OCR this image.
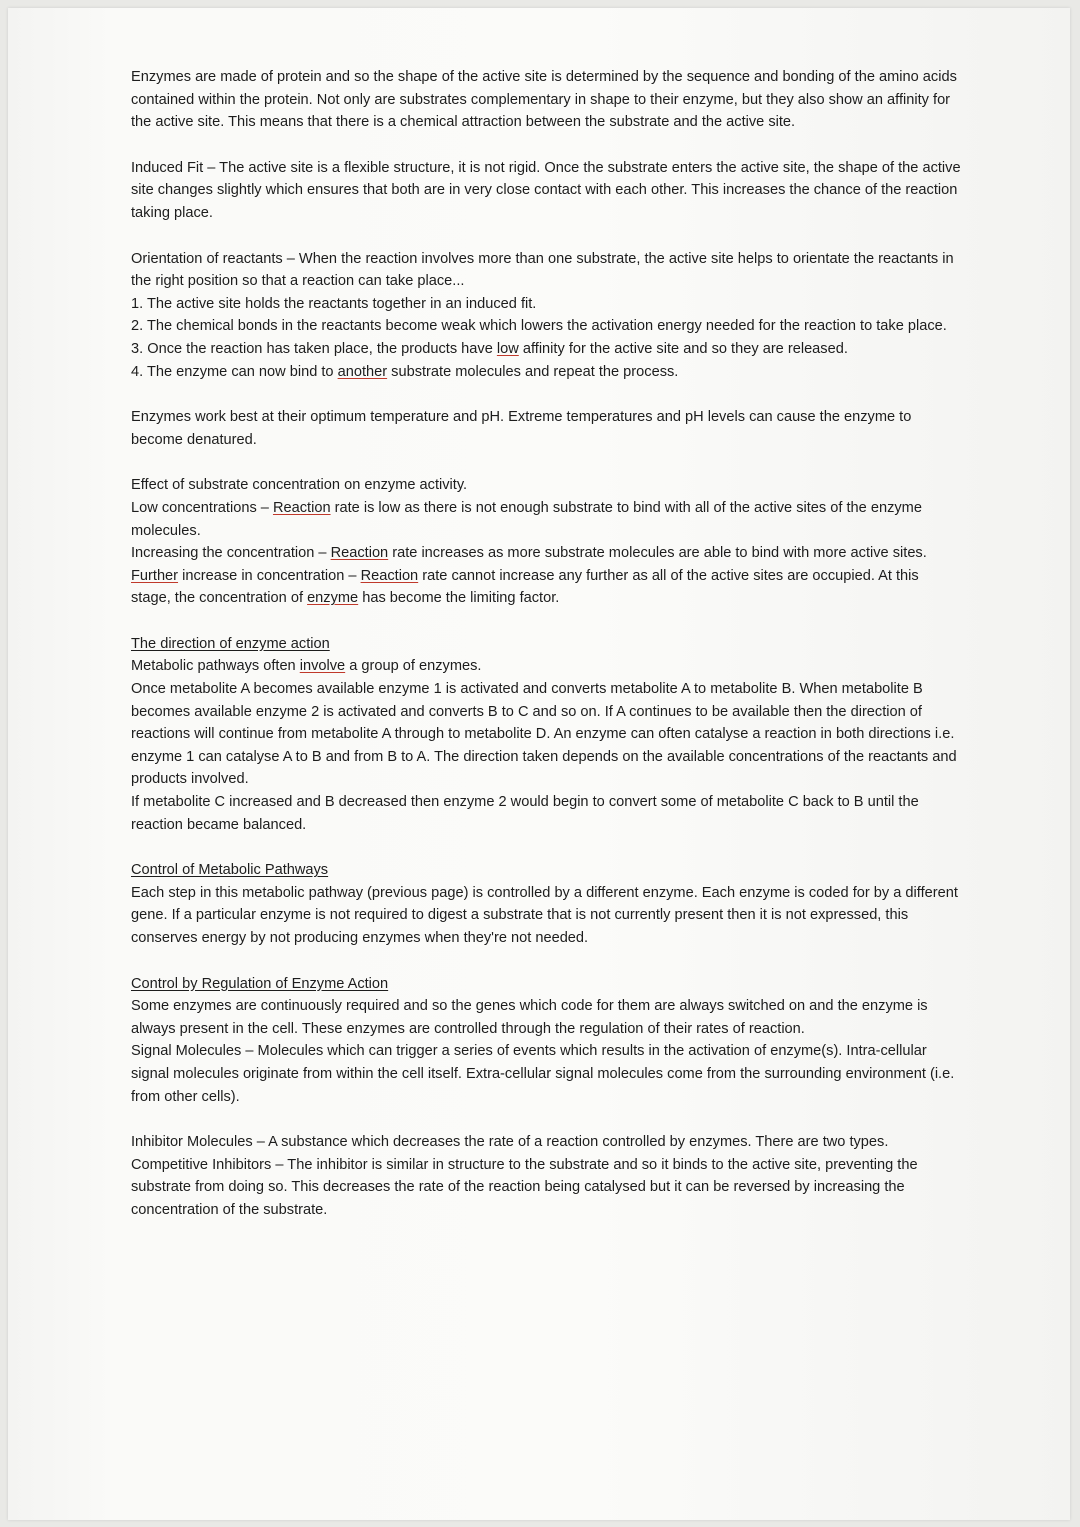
Enzymes are made of protein and so the shape of the active site is determined by the sequence and bonding of the amino acids contained within the protein. Not only are substrates complementary in shape to their enzyme, but they also show an affinity for the active site. This means that there is a chemical attraction between the substrate and the active site.

Induced Fit – The active site is a flexible structure, it is not rigid. Once the substrate enters the active site, the shape of the active site changes slightly which ensures that both are in very close contact with each other. This increases the chance of the reaction taking place.

Orientation of reactants – When the reaction involves more than one substrate, the active site helps to orientate the reactants in the right position so that a reaction can take place...
1. The active site holds the reactants together in an induced fit.
2. The chemical bonds in the reactants become weak which lowers the activation energy needed for the reaction to take place.
3. Once the reaction has taken place, the products have low affinity for the active site and so they are released.
4. The enzyme can now bind to another substrate molecules and repeat the process.

Enzymes work best at their optimum temperature and pH. Extreme temperatures and pH levels can cause the enzyme to become denatured.

Effect of substrate concentration on enzyme activity.
Low concentrations – Reaction rate is low as there is not enough substrate to bind with all of the active sites of the enzyme molecules.
Increasing the concentration – Reaction rate increases as more substrate molecules are able to bind with more active sites.
Further increase in concentration – Reaction rate cannot increase any further as all of the active sites are occupied. At this stage, the concentration of enzyme has become the limiting factor.

The direction of enzyme action
Metabolic pathways often involve a group of enzymes.
Once metabolite A becomes available enzyme 1 is activated and converts metabolite A to metabolite B. When metabolite B becomes available enzyme 2 is activated and converts B to C and so on. If A continues to be available then the direction of reactions will continue from metabolite A through to metabolite D. An enzyme can often catalyse a reaction in both directions i.e. enzyme 1 can catalyse A to B and from B to A. The direction taken depends on the available concentrations of the reactants and products involved.
If metabolite C increased and B decreased then enzyme 2 would begin to convert some of metabolite C back to B until the reaction became balanced.

Control of Metabolic Pathways
Each step in this metabolic pathway (previous page) is controlled by a different enzyme. Each enzyme is coded for by a different gene. If a particular enzyme is not required to digest a substrate that is not currently present then it is not expressed, this conserves energy by not producing enzymes when they're not needed.

Control by Regulation of Enzyme Action
Some enzymes are continuously required and so the genes which code for them are always switched on and the enzyme is always present in the cell. These enzymes are controlled through the regulation of their rates of reaction.
Signal Molecules – Molecules which can trigger a series of events which results in the activation of enzyme(s). Intra-cellular signal molecules originate from within the cell itself. Extra-cellular signal molecules come from the surrounding environment (i.e. from other cells).

Inhibitor Molecules – A substance which decreases the rate of a reaction controlled by enzymes. There are two types.
Competitive Inhibitors – The inhibitor is similar in structure to the substrate and so it binds to the active site, preventing the substrate from doing so. This decreases the rate of the reaction being catalysed but it can be reversed by increasing the concentration of the substrate.
